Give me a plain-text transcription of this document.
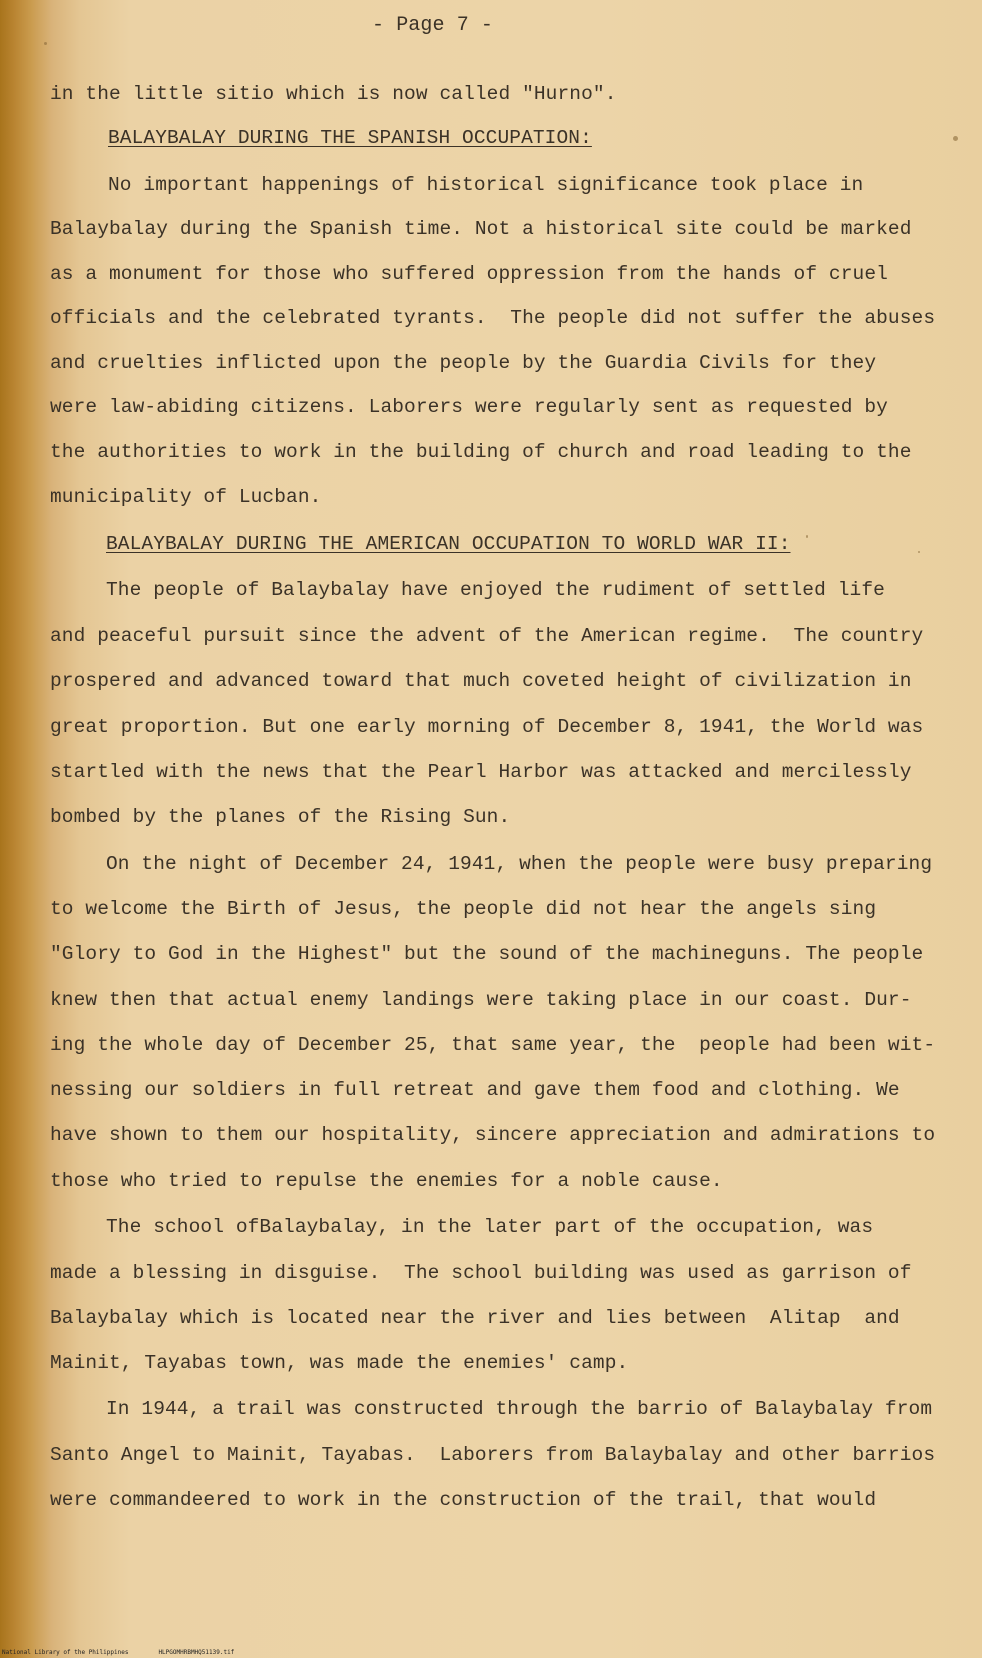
- Page 7 -
in the little sitio which is now called "Hurno".
BALAYBALAY DURING THE SPANISH OCCUPATION:
No important happenings of historical significance took place in
Balaybalay during the Spanish time. Not a historical site could be marked
as a monument for those who suffered oppression from the hands of cruel
officials and the celebrated tyrants.  The people did not suffer the abuses
and cruelties inflicted upon the people by the Guardia Civils for they
were law-abiding citizens. Laborers were regularly sent as requested by
the authorities to work in the building of church and road leading to the
municipality of Lucban.
BALAYBALAY DURING THE AMERICAN OCCUPATION TO WORLD WAR II:
The people of Balaybalay have enjoyed the rudiment of settled life
and peaceful pursuit since the advent of the American regime.  The country
prospered and advanced toward that much coveted height of civilization in
great proportion. But one early morning of December 8, 1941, the World was
startled with the news that the Pearl Harbor was attacked and mercilessly
bombed by the planes of the Rising Sun.
On the night of December 24, 1941, when the people were busy preparing
to welcome the Birth of Jesus, the people did not hear the angels sing
"Glory to God in the Highest" but the sound of the machineguns. The people
knew then that actual enemy landings were taking place in our coast. Dur-
ing the whole day of December 25, that same year, the  people had been wit-
nessing our soldiers in full retreat and gave them food and clothing. We
have shown to them our hospitality, sincere appreciation and admirations to
those who tried to repulse the enemies for a noble cause.
The school ofBalaybalay, in the later part of the occupation, was
made a blessing in disguise.  The school building was used as garrison of
Balaybalay which is located near the river and lies between  Alitap  and
Mainit, Tayabas town, was made the enemies' camp.
In 1944, a trail was constructed through the barrio of Balaybalay from
Santo Angel to Mainit, Tayabas.  Laborers from Balaybalay and other barrios
were commandeered to work in the construction of the trail, that would
National Library of the Philippines	HLPGOMHRBMHQ51139.tif
